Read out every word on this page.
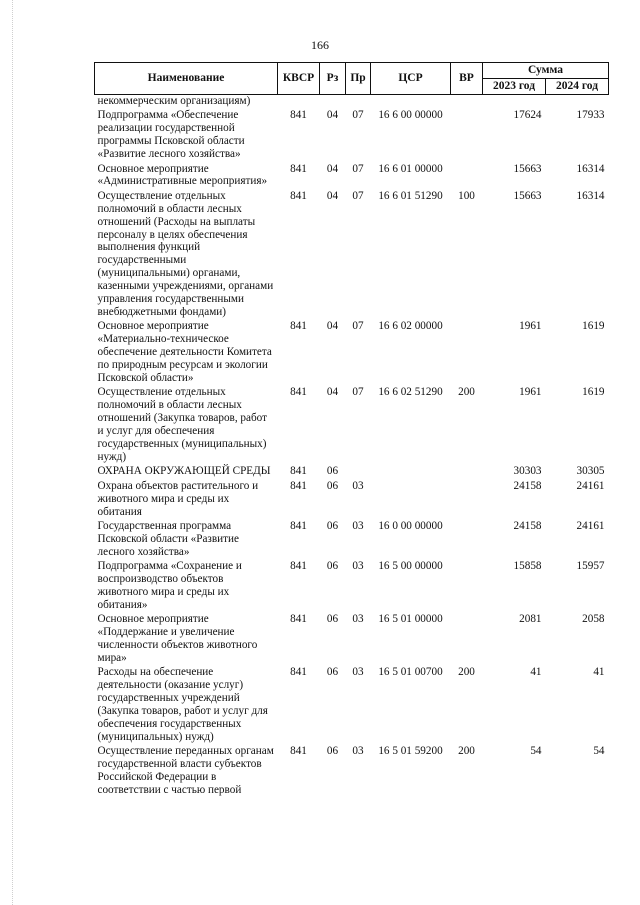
166
Наименование	КВСР	Рз	Пр	ЦСР	ВР	Сумма	
						2023 год	2024 год
некоммерческим организациям)							
Подпрограмма «Обеспечение реализации государственной программы Псковской области «Развитие лесного хозяйства»	841	04	07	16 6 00 00000		17624	17933
Основное мероприятие «Административные мероприятия»	841	04	07	16 6 01 00000		15663	16314
Осуществление отдельных полномочий в области лесных отношений (Расходы на выплаты персоналу в целях обеспечения выполнения функций государственными (муниципальными) органами, казенными учреждениями, органами управления государственными внебюджетными фондами)	841	04	07	16 6 01 51290	100	15663	16314
Основное мероприятие «Материально-техническое обеспечение деятельности Комитета по природным ресурсам и экологии Псковской области»	841	04	07	16 6 02 00000		1961	1619
Осуществление отдельных полномочий в области лесных отношений (Закупка товаров, работ и услуг для обеспечения государственных (муниципальных) нужд)	841	04	07	16 6 02 51290	200	1961	1619
ОХРАНА ОКРУЖАЮЩЕЙ СРЕДЫ	841	06				30303	30305
Охрана объектов растительного и животного мира и среды их обитания	841	06	03			24158	24161
Государственная программа Псковской области «Развитие лесного хозяйства»	841	06	03	16 0 00 00000		24158	24161
Подпрограмма «Сохранение и воспроизводство объектов животного мира и среды их обитания»	841	06	03	16 5 00 00000		15858	15957
Основное мероприятие «Поддержание и увеличение численности объектов животного мира»	841	06	03	16 5 01 00000		2081	2058
Расходы на обеспечение деятельности (оказание услуг) государственных учреждений (Закупка товаров, работ и услуг для обеспечения государственных (муниципальных) нужд)	841	06	03	16 5 01 00700	200	41	41
Осуществление переданных органам государственной власти субъектов Российской Федерации в соответствии с частью первой	841	06	03	16 5 01 59200	200	54	54
